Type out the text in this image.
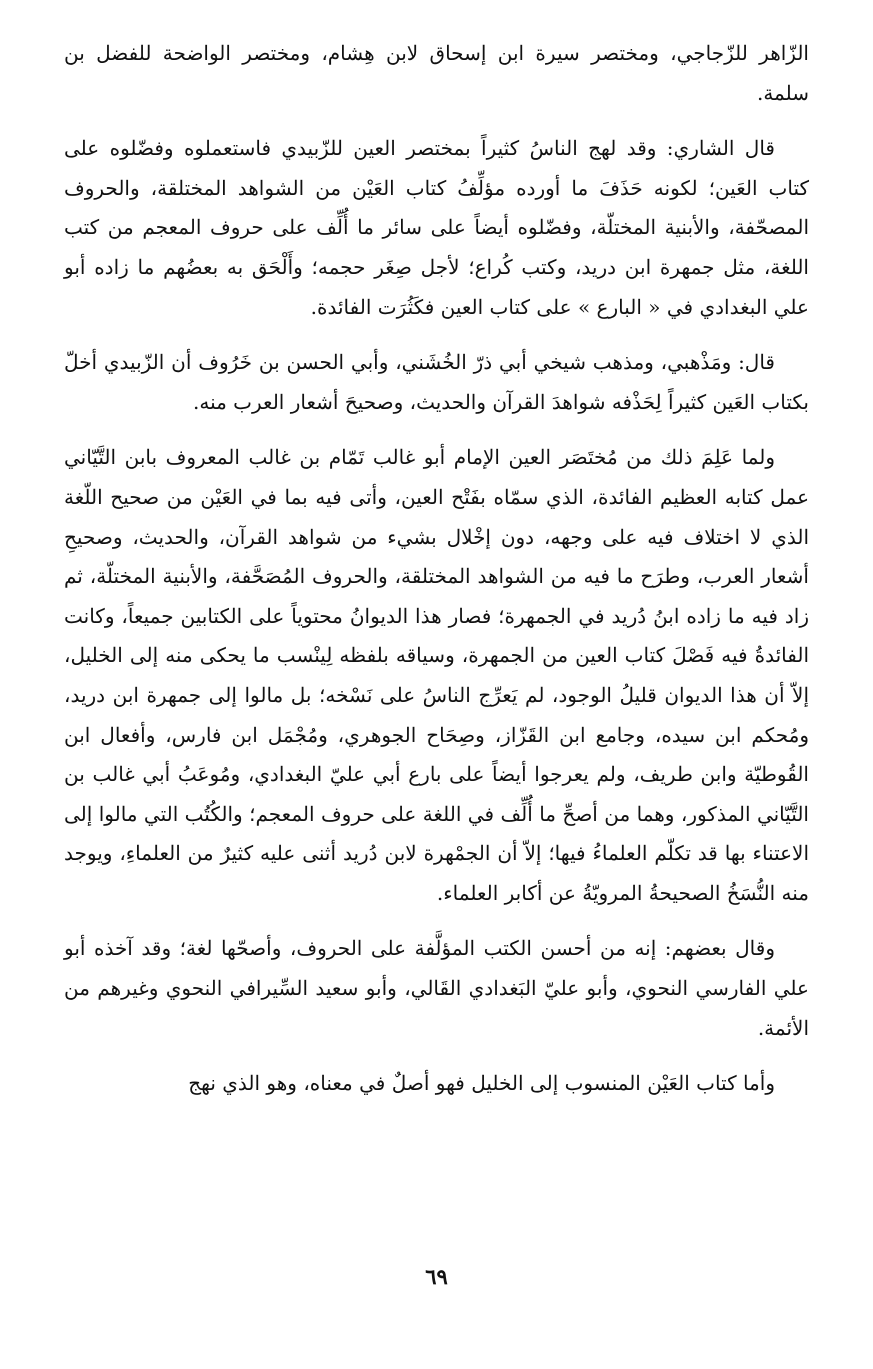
الزّاهر للزّجاجي، ومختصر سيرة ابن إسحاق لابن هِشام، ومختصر الواضحة للفضل بن سلمة.

قال الشاري: وقد لهج الناسُ كثيراً بمختصر العين للزّبيدي فاستعملوه وفضّلوه على كتاب العَين؛ لكونه حَذَفَ ما أورده مؤلِّفُ كتاب العَيْن من الشواهد المختلقة، والحروف المصحّفة، والأبنية المختلّة، وفضّلوه أيضاً على سائر ما أُلِّف على حروف المعجم من كتب اللغة، مثل جمهرة ابن دريد، وكتب كُراع؛ لأجل صِغَر حجمه؛ وأَلْحَق به بعضُهم ما زاده أبو علي البغدادي في « البارع » على كتاب العين فكَثُرَت الفائدة.

قال: ومَذْهبي، ومذهب شيخي أبي ذرّ الخُشَني، وأبي الحسن بن خَرُوف أن الزّبيدي أخلّ بكتاب العَين كثيراً لِحَذْفه شواهدَ القرآن والحديث، وصحيحَ أشعار العرب منه.

ولما عَلِمَ ذلك من مُختَصَر العين الإمام أبو غالب تَمّام بن غالب المعروف بابن التَّيّاني عمل كتابه العظيم الفائدة، الذي سمّاه بفَتْح العين، وأتى فيه بما في العَيْن من صحيح اللّغة الذي لا اختلاف فيه على وجهه، دون إخْلال بشيء من شواهد القرآن، والحديث، وصحيحِ أشعار العرب، وطرَح ما فيه من الشواهد المختلقة، والحروف المُصَحَّفة، والأبنية المختلّة، ثم زاد فيه ما زاده ابنُ دُريد في الجمهرة؛ فصار هذا الديوانُ محتوياً على الكتابين جميعاً، وكانت الفائدةُ فيه فَصْلَ كتاب العين من الجمهرة، وسياقه بلفظه لِينْسب ما يحكى منه إلى الخليل، إلاّ أن هذا الديوان قليلُ الوجود، لم يَعرِّج الناسُ على نَسْخه؛ بل مالوا إلى جمهرة ابن دريد، ومُحكم ابن سيده، وجامع ابن القَزّاز، وصِحَاح الجوهري، ومُجْمَل ابن فارس، وأفعال ابن القُوطيّة وابن طريف، ولم يعرجوا أيضاً على بارع أبي عليّ البغدادي، ومُوعَبُ أبي غالب بن التَّيّاني المذكور، وهما من أصحِّ ما أُلِّف في اللغة على حروف المعجم؛ والكُتُب التي مالوا إلى الاعتناء بها قد تكلّم العلماءُ فيها؛ إلاّ أن الجمْهرة لابن دُريد أثنى عليه كثيرٌ من العلماءِ، ويوجد منه النُّسَخُ الصحيحةُ المرويّةُ عن أكابر العلماء.

وقال بعضهم: إنه من أحسن الكتب المؤلَّفة على الحروف، وأصحّها لغة؛ وقد آخذه أبو علي الفارسي النحوي، وأبو عليّ البَغدادي القَالي، وأبو سعيد السِّيرافي النحوي وغيرهم من الأئمة.

وأما كتاب العَيْن المنسوب إلى الخليل فهو أصلٌ في معناه، وهو الذي نهج

٦٩
